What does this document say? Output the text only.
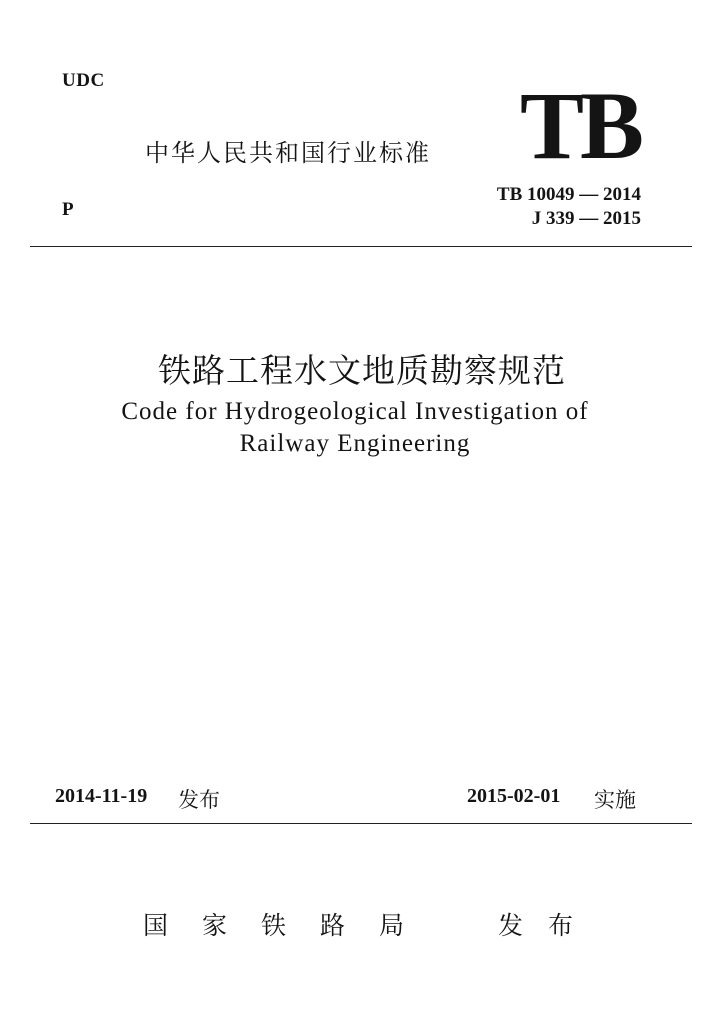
UDC
中华人民共和国行业标准 TB
P
TB 10049 — 2014
J 339 — 2015
铁路工程水文地质勘察规范
Code for Hydrogeological Investigation of
Railway Engineering
2014-11-19 发布	2015-02-01 实施
国家铁路局 发布
